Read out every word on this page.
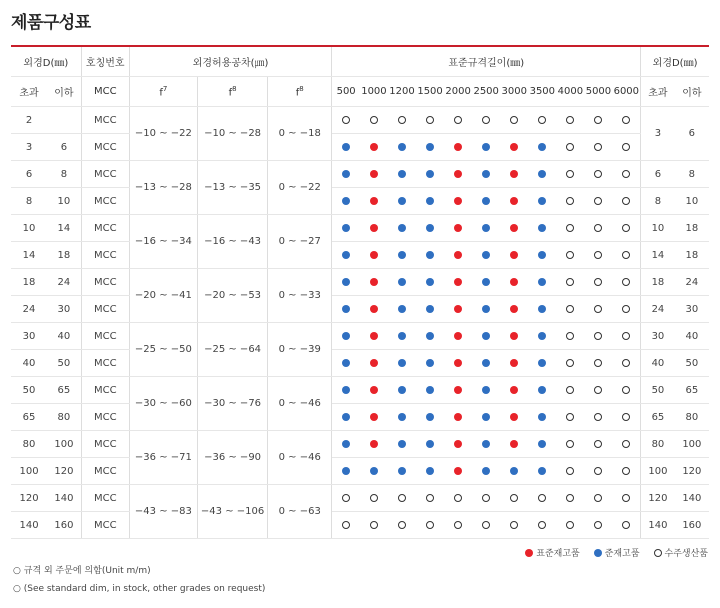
제품구성표
외경D(㎜)		호칭번호	외경허용공차(㎛)			표준규격길이(㎜)											외경D(㎜)	
초과	이하	MCC	$f^7$	$f^8$	$f^8$	500	1000	1200	1500	2000	2500	3000	3500	4000	5000	6000	초과	이하
2		MCC	−10 ~ −22	−10 ~ −28	0 ~ −18												3	6
3	6	MCC																
6	8	MCC	−13 ~ −28	−13 ~ −35	0 ~ −22												6	8
8	10	MCC															8	10
10	14	MCC	−16 ~ −34	−16 ~ −43	0 ~ −27												10	18
14	18	MCC															14	18
18	24	MCC	−20 ~ −41	−20 ~ −53	0 ~ −33												18	24
24	30	MCC															24	30
30	40	MCC	−25 ~ −50	−25 ~ −64	0 ~ −39												30	40
40	50	MCC															40	50
50	65	MCC	−30 ~ −60	−30 ~ −76	0 ~ −46												50	65
65	80	MCC															65	80
80	100	MCC	−36 ~ −71	−36 ~ −90	0 ~ −46												80	100
100	120	MCC															100	120
120	140	MCC	−43 ~ −83	−43 ~ −106	0 ~ −63												120	140
140	160	MCC															140	160
표준재고품	준재고품	수주생산품
○ 규격 외 주문에 의함(Unit m/m)
○ (See standard dim, in stock, other grades on request)
